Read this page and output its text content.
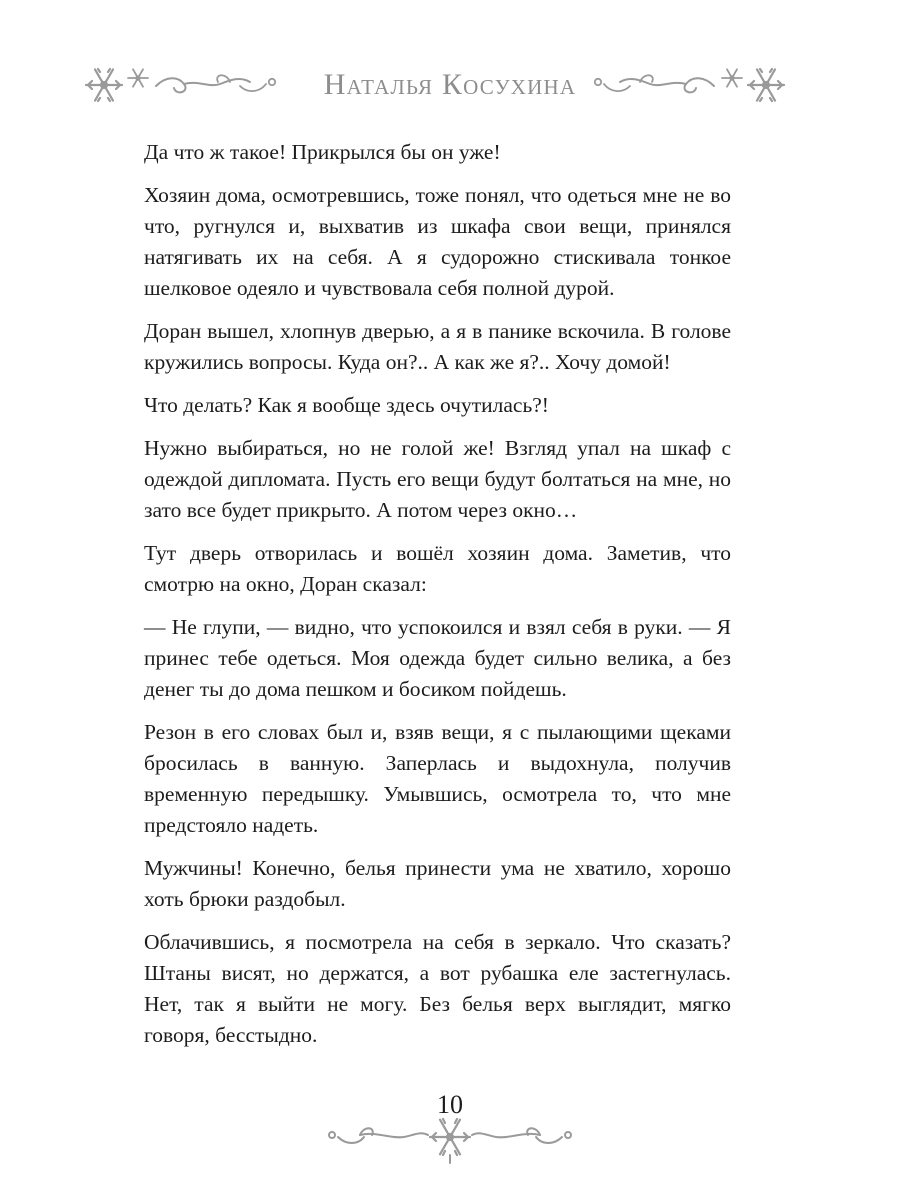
Наталья Косухина

Да что ж такое! Прикрылся бы он уже!

Хозяин дома, осмотревшись, тоже понял, что одеться мне не во что, ругнулся и, выхватив из шкафа свои вещи, принялся натягивать их на себя. А я судорожно стискивала тонкое шелковое одеяло и чувствовала себя полной дурой.

Доран вышел, хлопнув дверью, а я в панике вскочила. В голове кружились вопросы. Куда он?.. А как же я?.. Хочу домой!

Что делать? Как я вообще здесь очутилась?!

Нужно выбираться, но не голой же! Взгляд упал на шкаф с одеждой дипломата. Пусть его вещи будут болтаться на мне, но зато все будет прикрыто. А потом через окно…

Тут дверь отворилась и вошёл хозяин дома. Заметив, что смотрю на окно, Доран сказал:

— Не глупи, — видно, что успокоился и взял себя в руки. — Я принес тебе одеться. Моя одежда будет сильно велика, а без денег ты до дома пешком и босиком пойдешь.

Резон в его словах был и, взяв вещи, я с пылающими щеками бросилась в ванную. Заперлась и выдохнула, получив временную передышку. Умывшись, осмотрела то, что мне предстояло надеть.

Мужчины! Конечно, белья принести ума не хватило, хорошо хоть брюки раздобыл.

Облачившись, я посмотрела на себя в зеркало. Что сказать? Штаны висят, но держатся, а вот рубашка еле застегнулась. Нет, так я выйти не могу. Без белья верх выглядит, мягко говоря, бесстыдно.

10
